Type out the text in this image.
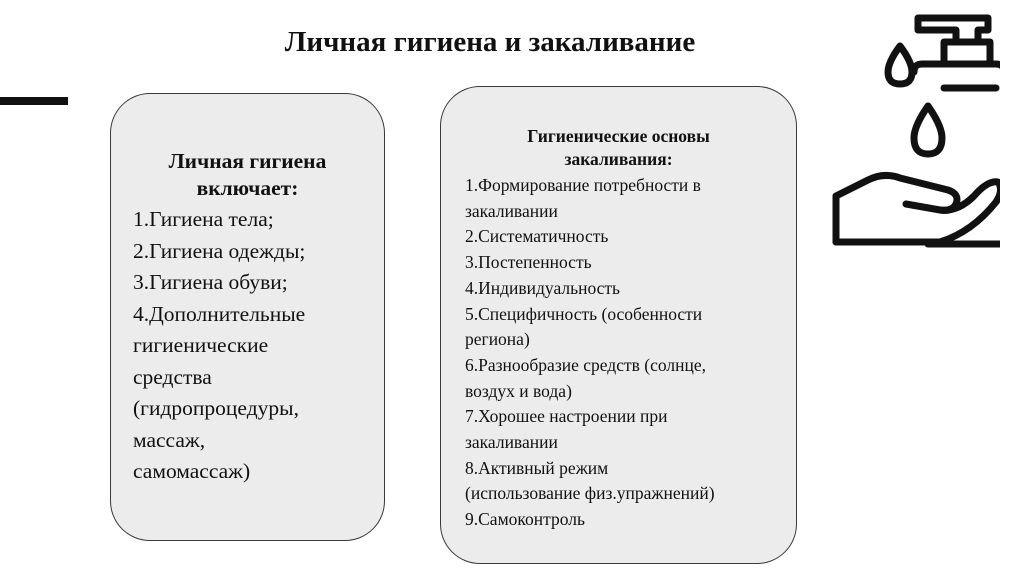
Личная гигиена и закаливание
Личная гигиена
включает:
1.Гигиена тела;
2.Гигиена одежды;
3.Гигиена обуви;
4.Дополнительные
гигиенические
средства
(гидропроцедуры,
массаж,
самомассаж)
Гигиенические основы
закаливания:
1.Формирование потребности в
закаливании
2.Систематичность
3.Постепенность
4.Индивидуальность
5.Специфичность (особенности
региона)
6.Разнообразие средств (солнце,
воздух и вода)
7.Хорошее настроении при
закаливании
8.Активный режим
(использование физ.упражнений)
9.Самоконтроль
